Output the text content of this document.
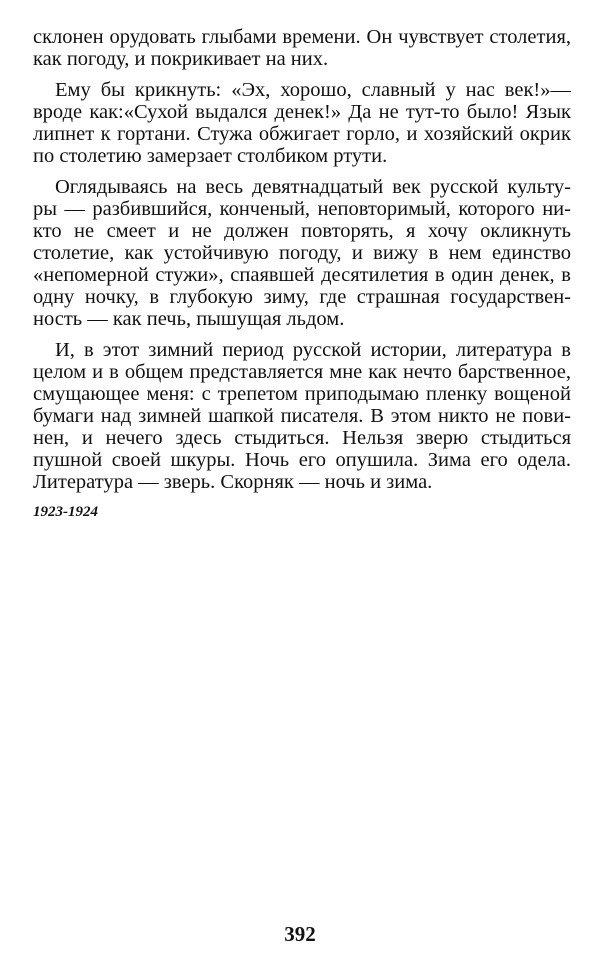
склонен орудовать глыбами времени. Он чувствует столетия,
как погоду, и покрикивает на них.
Ему бы крикнуть: «Эх, хорошо, славный у нас век!»—
вроде как:«Сухой выдался денек!» Да не тут-то было! Язык
липнет к гортани. Стужа обжигает горло, и хозяйский окрик
по столетию замерзает столбиком ртути.
Оглядываясь на весь девятнадцатый век русской культу-
ры — разбившийся, конченый, неповторимый, которого ни-
кто не смеет и не должен повторять, я хочу окликнуть
столетие, как устойчивую погоду, и вижу в нем единство
«непомерной стужи», спаявшей десятилетия в один денек, в
одну ночку, в глубокую зиму, где страшная государствен-
ность — как печь, пышущая льдом.
И, в этот зимний период русской истории, литература в
целом и в общем представляется мне как нечто барственное,
смущающее меня: с трепетом приподымаю пленку вощеной
бумаги над зимней шапкой писателя. В этом никто не пови-
нен, и нечего здесь стыдиться. Нельзя зверю стыдиться
пушной своей шкуры. Ночь его опушила. Зима его одела.
Литература — зверь. Скорняк — ночь и зима.
1923-1924
392
